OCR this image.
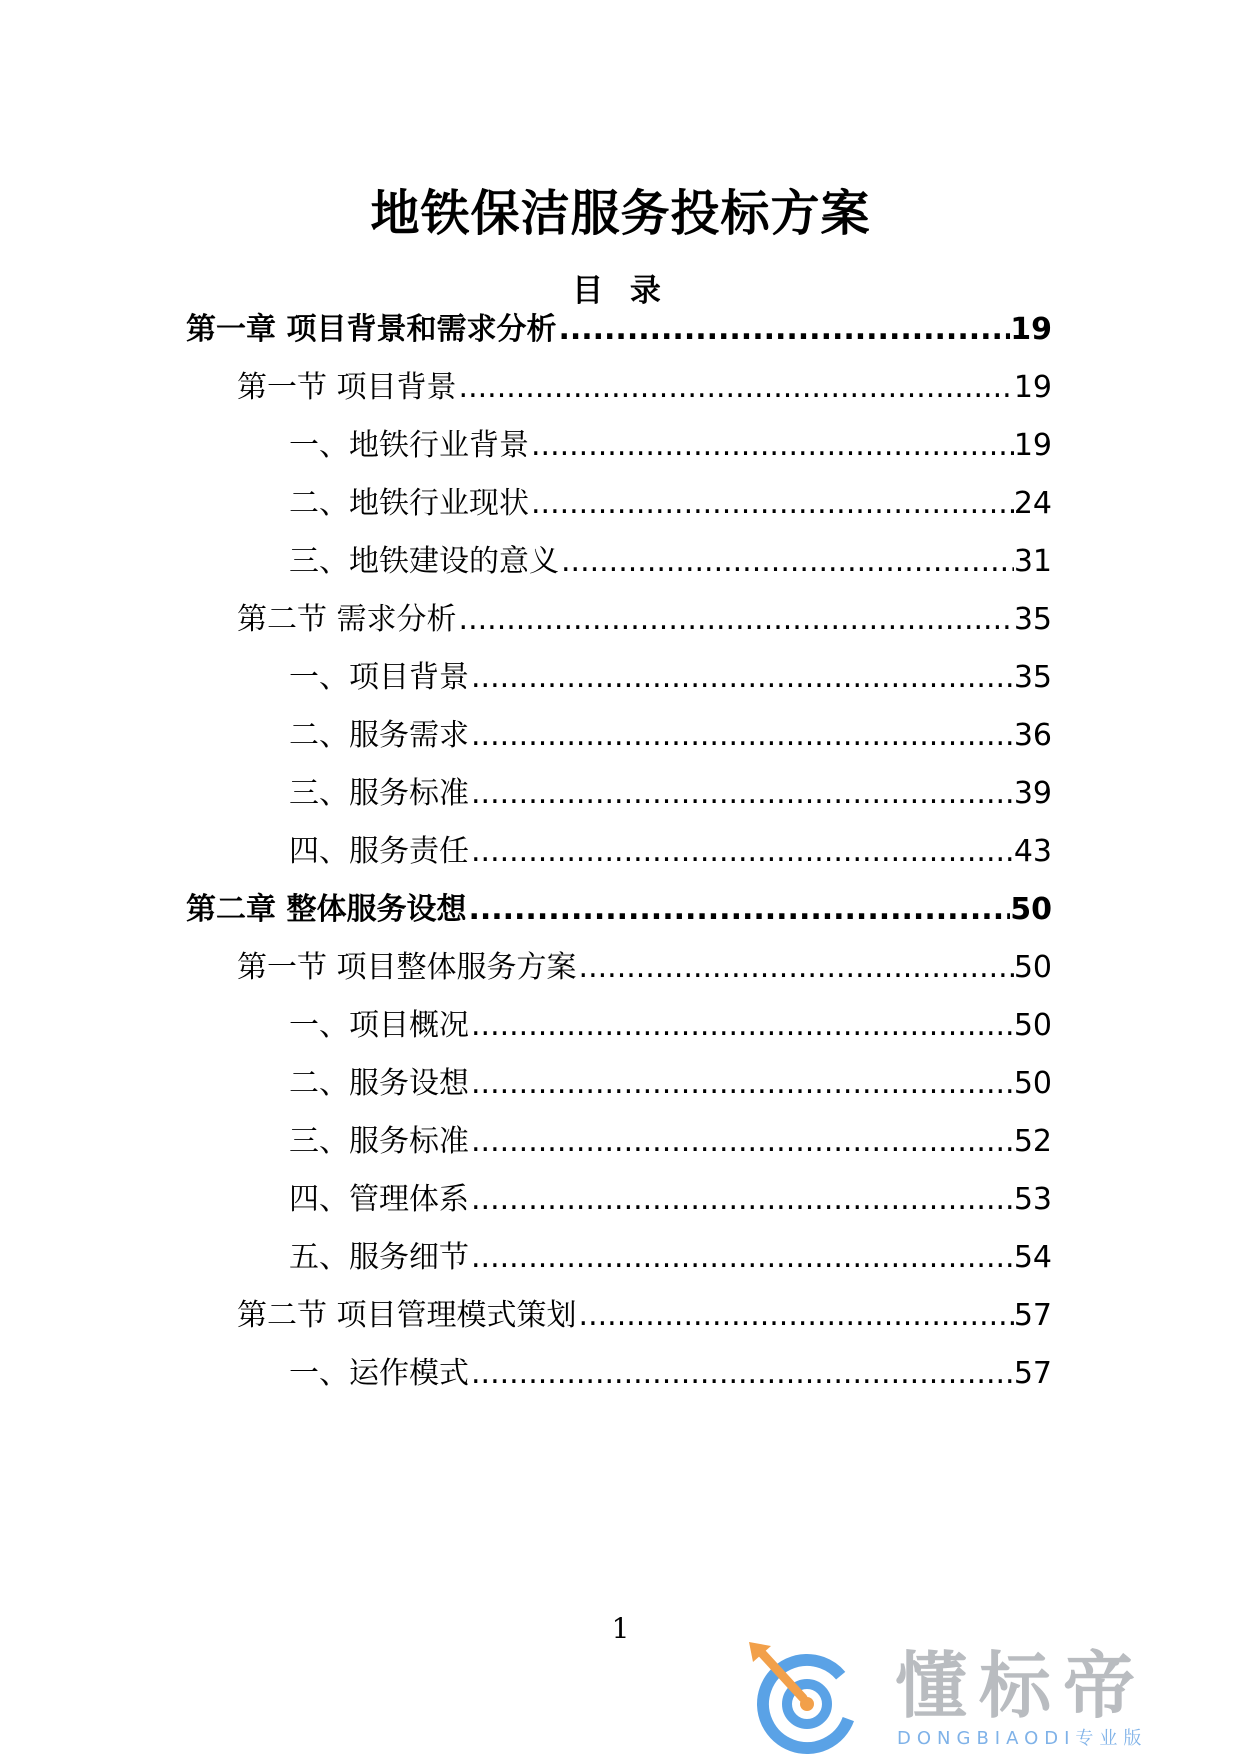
地铁保洁服务投标方案
目 录
第一章 项目背景和需求分析 .....	19
第一节 项目背景 .....	19
一、地铁行业背景 .....	19
二、地铁行业现状 .....	24
三、地铁建设的意义 .....	31
第二节 需求分析 .....	35
一、项目背景 .....	35
二、服务需求 .....	36
三、服务标准 .....	39
四、服务责任 .....	43
第二章 整体服务设想 .....	50
第一节 项目整体服务方案 .....	50
一、项目概况 .....	50
二、服务设想 .....	50
三、服务标准 .....	52
四、管理体系 .....	53
五、服务细节 .....	54
第二节 项目管理模式策划 .....	57
一、运作模式 .....	57
1
懂标帝
DONGBIAODI专业版
